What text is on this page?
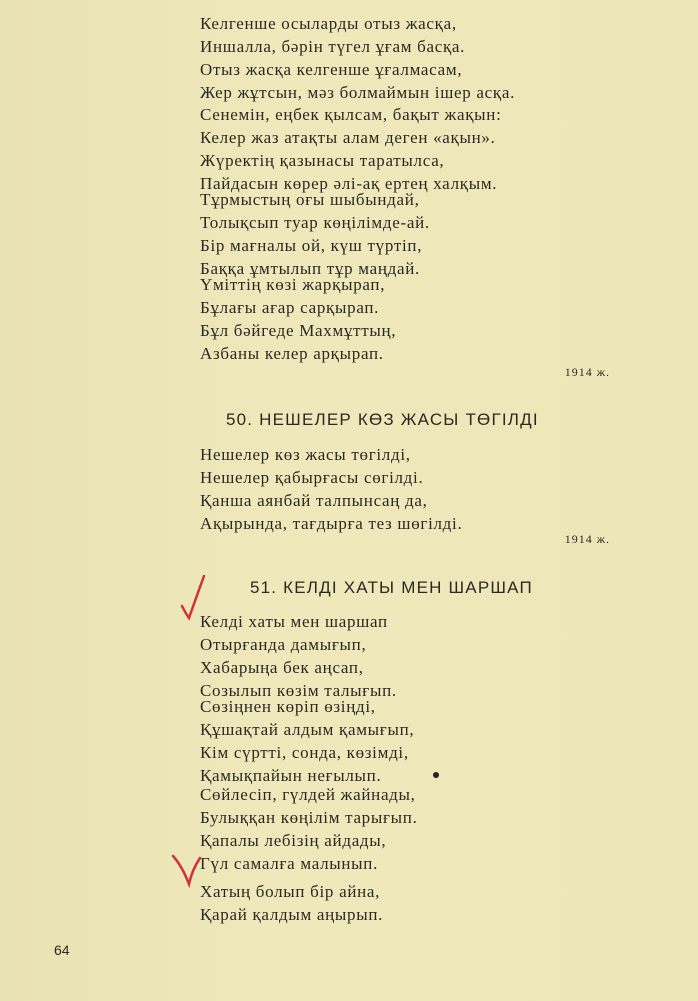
Келгенше осыларды отыз жасқа,
Иншалла, бәрін түгел ұғам басқа.
Отыз жасқа келгенше ұғалмасам,
Жер жұтсын, мәз болмаймын ішер асқа.
Сенемін, еңбек қылсам, бақыт жақын:
Келер жаз атақты алам деген «ақын».
Жүректің қазынасы таратылса,
Пайдасын көрер әлі-ақ ертең халқым.
Тұрмыстың оғы шыбындай,
Толықсып туар көңілімде-ай.
Бір мағналы ой, күш түртіп,
Баққа ұмтылып тұр маңдай.
Үміттің көзі жарқырап,
Бұлағы ағар сарқырап.
Бұл бәйгеде Махмұттың,
Азбаны келер арқырап.
1914 ж.
50. НЕШЕЛЕР КӨЗ ЖАСЫ ТӨГІЛДІ
Нешелер көз жасы төгілді,
Нешелер қабырғасы сөгілді.
Қанша аянбай талпынсаң да,
Ақырында, тағдырға тез шөгілді.
1914 ж.
51. КЕЛДІ ХАТЫ МЕН ШАРШАП
Келді хаты мен шаршап
Отырғанда дамығып,
Хабарыңа бек аңсап,
Созылып көзім талығып.
Сөзіңнен көріп өзіңді,
Құшақтай алдым қамығып,
Кім сүртті, сонда, көзімді,
Қамықпайын неғылып.
Сөйлесіп, гүлдей жайнады,
Булыққан көңілім тарығып.
Қапалы лебізің айдады,
Гүл самалға малынып.
Хатың болып бір айна,
Қарай қалдым аңырып.
64
